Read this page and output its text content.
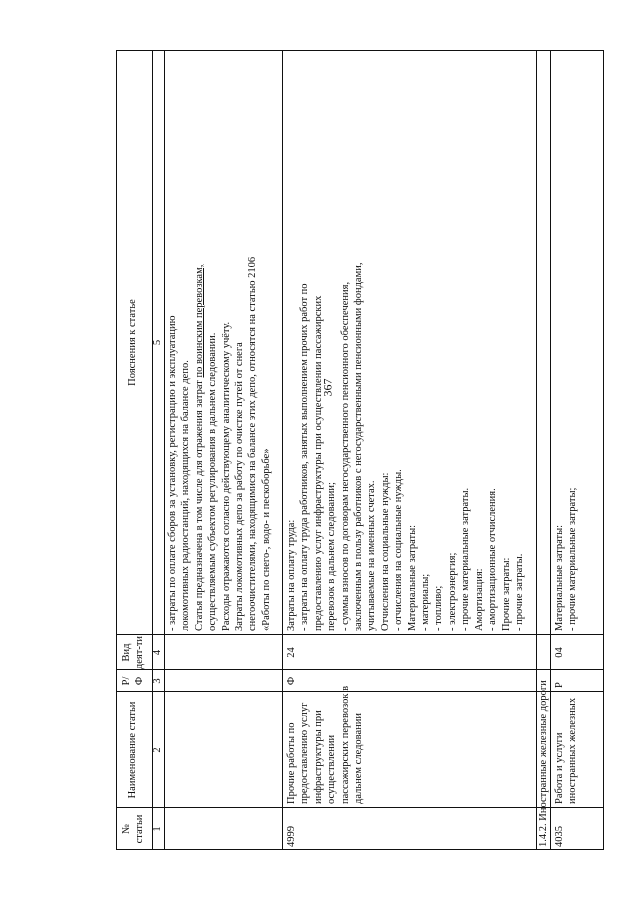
367
№ статьи
Наименование статьи
Р/ Ф
Вид деят-ти
Пояснения к статье
1
2
3
4
5 - затраты по оплате сборов за установку, регистрацию и эксплуатацию локомотивных радиостанций, находящихся на балансе депо. Статья предназначена в том числе для отражения затрат по воинским перевозкам,
осуществляемым субъектом регулирования в дальнем следовании. Расходы отражаются согласно действующему аналитическому учёту. Затраты локомотивных депо за работу по очистке путей от снега снегоочистителями, находящимися на балансе этих депо, относятся на статью 2106 «Работы по снего-, водо- и пескоборьбе»
4999
Прочие работы по предоставлению услуг инфраструктуры при осуществлении пассажирских перевозок в дальнем следовании
Ф
24
Затраты на оплату труда: - затраты на оплату труда работников, занятых выполнением прочих работ по предоставлению услуг инфраструктуры при осуществлении пассажирских перевозок в дальнем следовании; - суммы взносов по договорам негосударственного пенсионного обеспечения, заключенным в пользу работников с негосударственными пенсионными фондами, учитываемые на именных счетах. Отчисления на социальные нужды: - отчисления на социальные нужды. Материальные затраты: - материалы; - топливо; - электроэнергия; - прочие материальные затраты. Амортизация: - амортизационные отчисления. Прочие затраты: - прочие затраты.
1.4.2. Иностранные железные дороги 4035
Работа и услуги иностранных железных
Р
04
Материальные затраты: - прочие материальные затраты;
